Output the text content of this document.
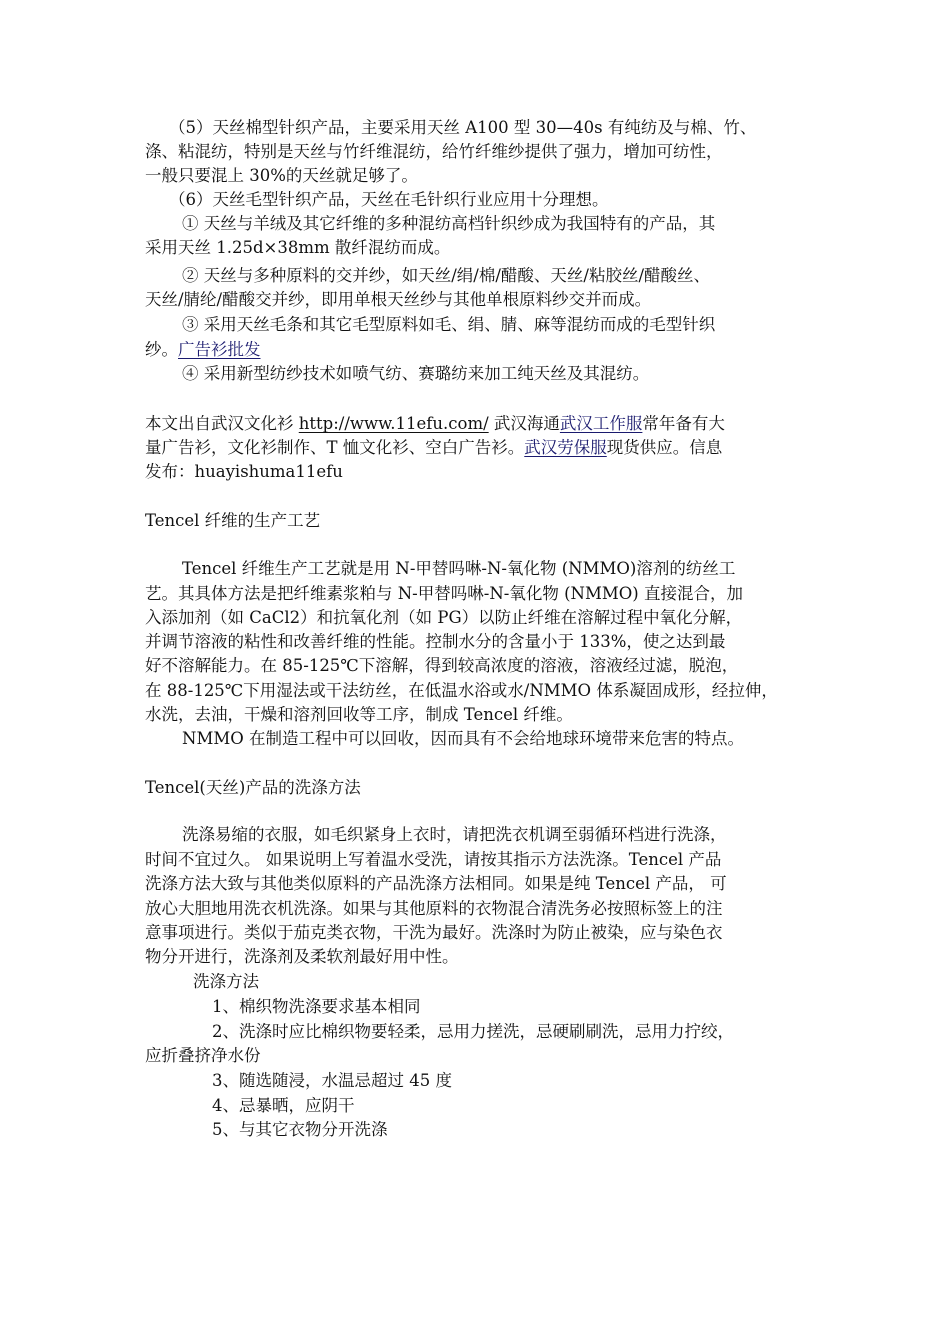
（5）天丝棉型针织产品，主要采用天丝 A100 型 30—40s 有纯纺及与棉、竹、
涤、粘混纺，特别是天丝与竹纤维混纺，给竹纤维纱提供了强力，增加可纺性，
一般只要混上 30%的天丝就足够了。
（6）天丝毛型针织产品，天丝在毛针织行业应用十分理想。
① 天丝与羊绒及其它纤维的多种混纺高档针织纱成为我国特有的产品，其
采用天丝 1.25d×38mm 散纤混纺而成。
② 天丝与多种原料的交并纱，如天丝/绢/棉/醋酸、天丝/粘胶丝/醋酸丝、
天丝/腈纶/醋酸交并纱，即用单根天丝纱与其他单根原料纱交并而成。
③ 采用天丝毛条和其它毛型原料如毛、绢、腈、麻等混纺而成的毛型针织
纱。广告衫批发
④ 采用新型纺纱技术如喷气纺、赛璐纺来加工纯天丝及其混纺。
本文出自武汉文化衫 http://www.11efu.com/ 武汉海通武汉工作服常年备有大
量广告衫，文化衫制作、T 恤文化衫、空白广告衫。武汉劳保服现货供应。信息
发布：huayishuma11efu
Tencel 纤维的生产工艺
Tencel 纤维生产工艺就是用 N-甲替吗啉-N-氧化物 (NMMO)溶剂的纺丝工
艺。其具体方法是把纤维素浆粕与 N-甲替吗啉-N-氧化物 (NMMO) 直接混合，加
入添加剂（如 CaCl2）和抗氧化剂（如 PG）以防止纤维在溶解过程中氧化分解，
并调节溶液的粘性和改善纤维的性能。控制水分的含量小于 133%，使之达到最
好不溶解能力。在 85-125℃下溶解，得到较高浓度的溶液，溶液经过滤，脱泡，
在 88-125℃下用湿法或干法纺丝，在低温水浴或水/NMMO 体系凝固成形，经拉伸，
水洗，去油，干燥和溶剂回收等工序，制成 Tencel 纤维。
NMMO 在制造工程中可以回收，因而具有不会给地球环境带来危害的特点。
Tencel(天丝)产品的洗涤方法
洗涤易缩的衣服，如毛织紧身上衣时，请把洗衣机调至弱循环档进行洗涤，
时间不宜过久。 如果说明上写着温水受洗，请按其指示方法洗涤。Tencel 产品
洗涤方法大致与其他类似原料的产品洗涤方法相同。如果是纯 Tencel 产品， 可
放心大胆地用洗衣机洗涤。如果与其他原料的衣物混合清洗务必按照标签上的注
意事项进行。类似于茄克类衣物，干洗为最好。洗涤时为防止被染，应与染色衣
物分开进行，洗涤剂及柔软剂最好用中性。
洗涤方法
1、棉织物洗涤要求基本相同
2、洗涤时应比棉织物要轻柔，忌用力搓洗，忌硬刷刷洗，忌用力拧绞，
应折叠挤净水份
3、随选随浸，水温忌超过 45 度
4、忌暴晒，应阴干
5、与其它衣物分开洗涤
